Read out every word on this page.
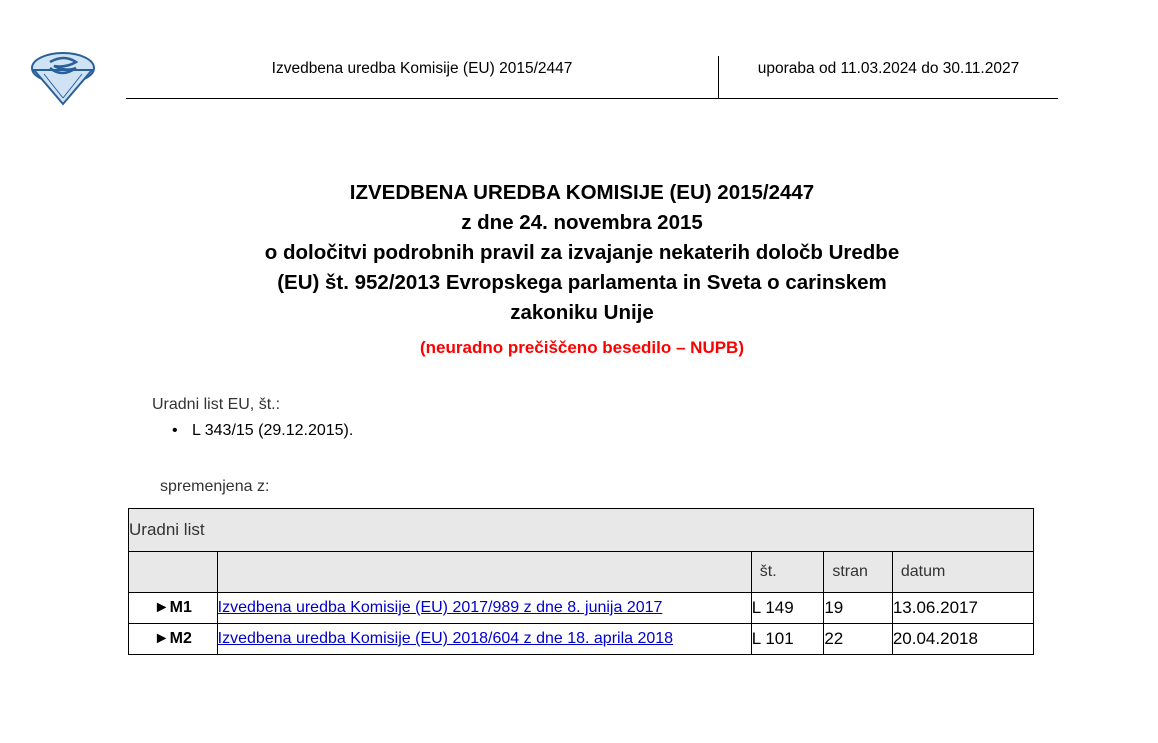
Izvedbena uredba Komisije (EU) 2015/2447	uporaba od 11.03.2024 do 30.11.2027
IZVEDBENA UREDBA KOMISIJE (EU) 2015/2447
z dne 24. novembra 2015
o določitvi podrobnih pravil za izvajanje nekaterih določb Uredbe
(EU) št. 952/2013 Evropskega parlamenta in Sveta o carinskem
zakoniku Unije
(neuradno prečiščeno besedilo – NUPB)
Uradni list EU, št.:
• L 343/15 (29.12.2015).
spremenjena z:
Uradni list				
		št.	stran	datum
►M1	Izvedbena uredba Komisije (EU) 2017/989 z dne 8. junija 2017	L 149	19	13.06.2017
►M2	Izvedbena uredba Komisije (EU) 2018/604 z dne 18. aprila 2018	L 101	22	20.04.2018
